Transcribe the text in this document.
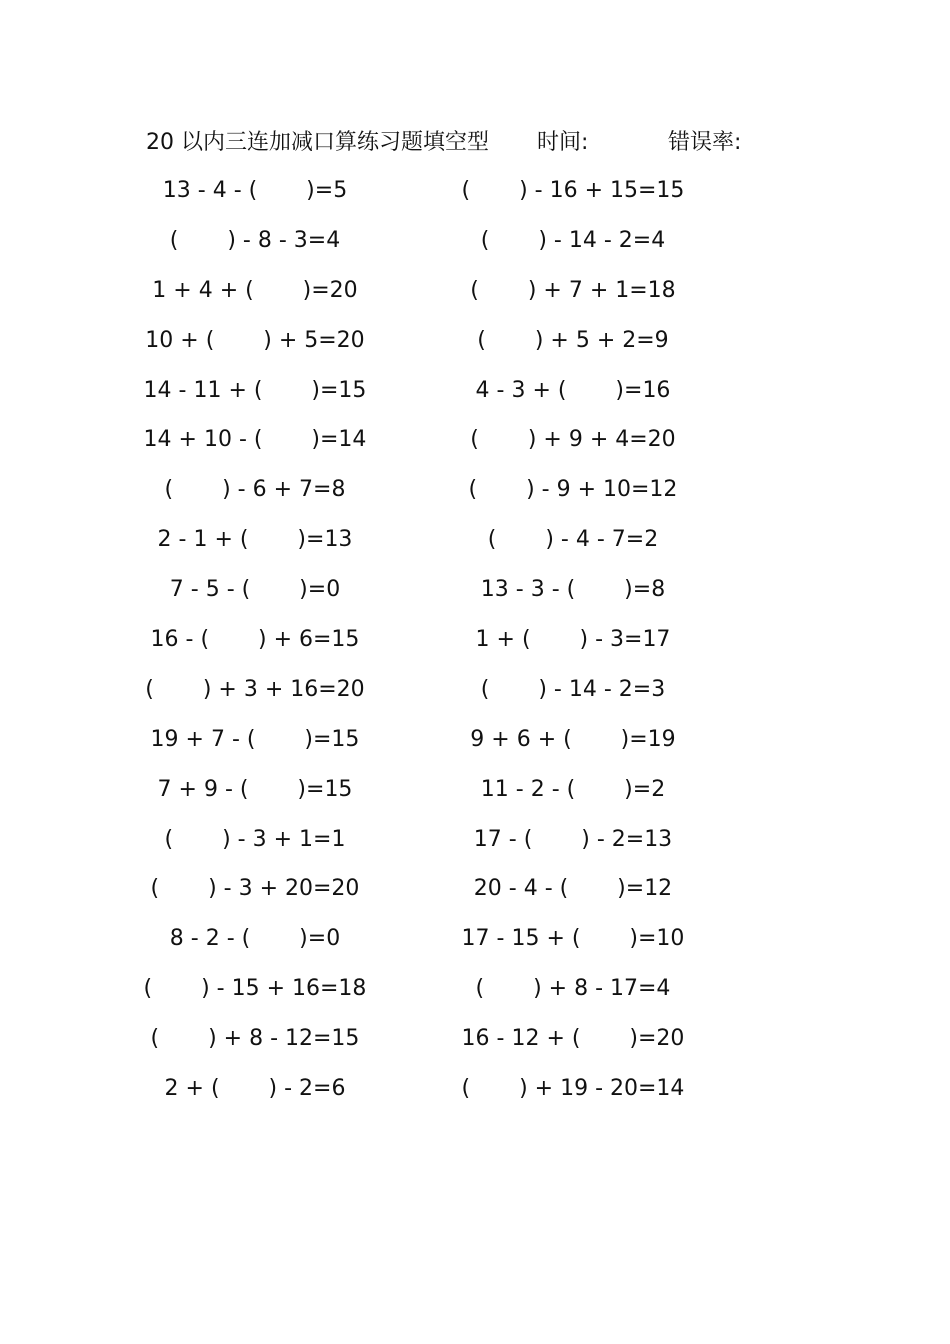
20 以内三连加减口算练习题填空型 时间:	错误率:
13 - 4 - (       )=5	(       ) - 16 + 15=15
(       ) - 8 - 3=4	(       ) - 14 - 2=4
1 + 4 + (       )=20	(       ) + 7 + 1=18
10 + (       ) + 5=20	(       ) + 5 + 2=9
14 - 11 + (       )=15	4 - 3 + (       )=16
14 + 10 - (       )=14	(       ) + 9 + 4=20
(       ) - 6 + 7=8	(       ) - 9 + 10=12
2 - 1 + (       )=13	(       ) - 4 - 7=2
7 - 5 - (       )=0	13 - 3 - (       )=8
16 - (       ) + 6=15	1 + (       ) - 3=17
(       ) + 3 + 16=20	(       ) - 14 - 2=3
19 + 7 - (       )=15	9 + 6 + (       )=19
7 + 9 - (       )=15	11 - 2 - (       )=2
(       ) - 3 + 1=1	17 - (       ) - 2=13
(       ) - 3 + 20=20	20 - 4 - (       )=12
8 - 2 - (       )=0	17 - 15 + (       )=10
(       ) - 15 + 16=18	(       ) + 8 - 17=4
(       ) + 8 - 12=15	16 - 12 + (       )=20
2 + (       ) - 2=6	(       ) + 19 - 20=14
